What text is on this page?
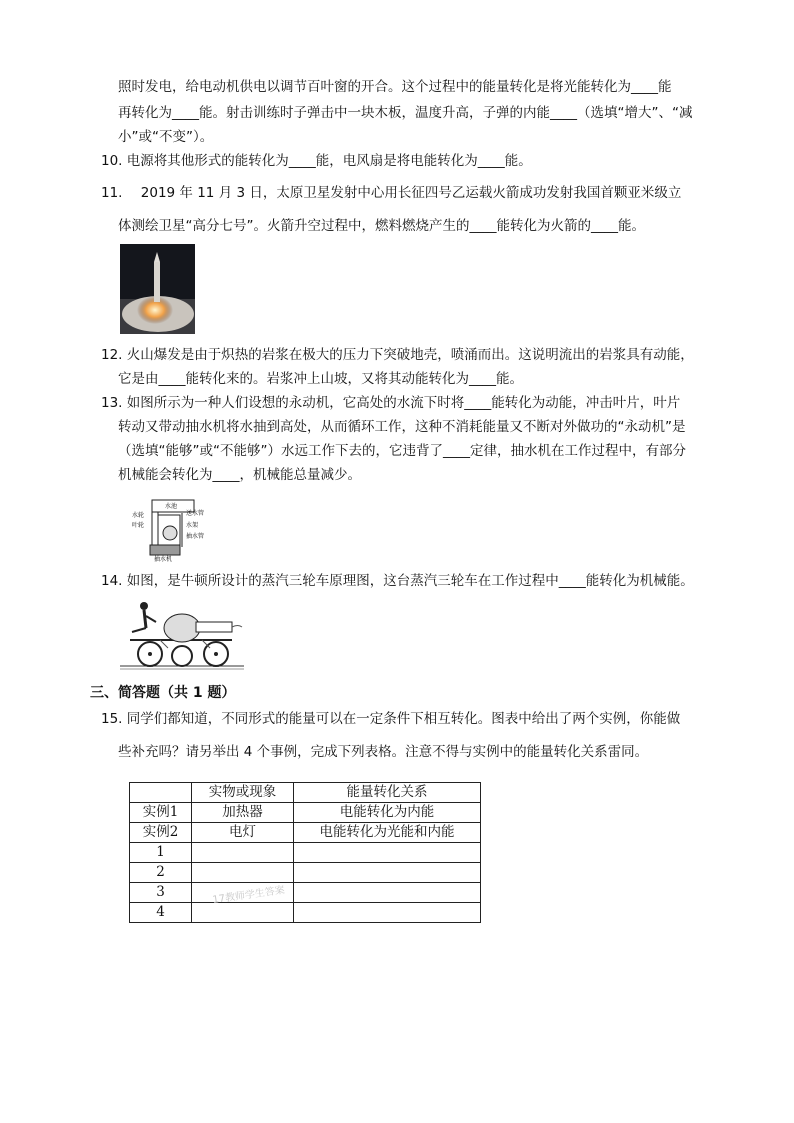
照时发电，给电动机供电以调节百叶窗的开合。这个过程中的能量转化是将光能转化为____能
再转化为____能。射击训练时子弹击中一块木板，温度升高，子弹的内能____（选填“增大”、“减
小”或“不变”）。
10. 电源将其他形式的能转化为____能，电风扇是将电能转化为____能。
11. 2019 年 11 月 3 日，太原卫星发射中心用长征四号乙运载火箭成功发射我国首颗亚米级立
体测绘卫星“高分七号”。火箭升空过程中，燃料燃烧产生的____能转化为火箭的____能。
12. 火山爆发是由于炽热的岩浆在极大的压力下突破地壳，喷涌而出。这说明流出的岩浆具有动能，
它是由____能转化来的。岩浆冲上山坡，又将其动能转化为____能。
13. 如图所示为一种人们设想的永动机，它高处的水流下时将____能转化为动能，冲击叶片，叶片
转动又带动抽水机将水抽到高处，从而循环工作，这种不消耗能量又不断对外做功的“永动机”是
（选填“能够”或“不能够”）水远工作下去的，它违背了____定律，抽水机在工作过程中，有部分
机械能会转化为____，机械能总量减少。
水池
送水管
水轮
叶轮	水架
抽水管
抽水机
14. 如图，是牛顿所设计的蒸汽三轮车原理图，这台蒸汽三轮车在工作过程中____能转化为机械能。
三、简答题（共 1 题）
15. 同学们都知道，不同形式的能量可以在一定条件下相互转化。图表中给出了两个实例，你能做
些补充吗？请另举出 4 个事例，完成下列表格。注意不得与实例中的能量转化关系雷同。
	实物或现象	能量转化关系
实例1	加热器	电能转化为内能
实例2	电灯	电能转化为光能和内能
1		
2		
3		
4		
17教师学生答案
